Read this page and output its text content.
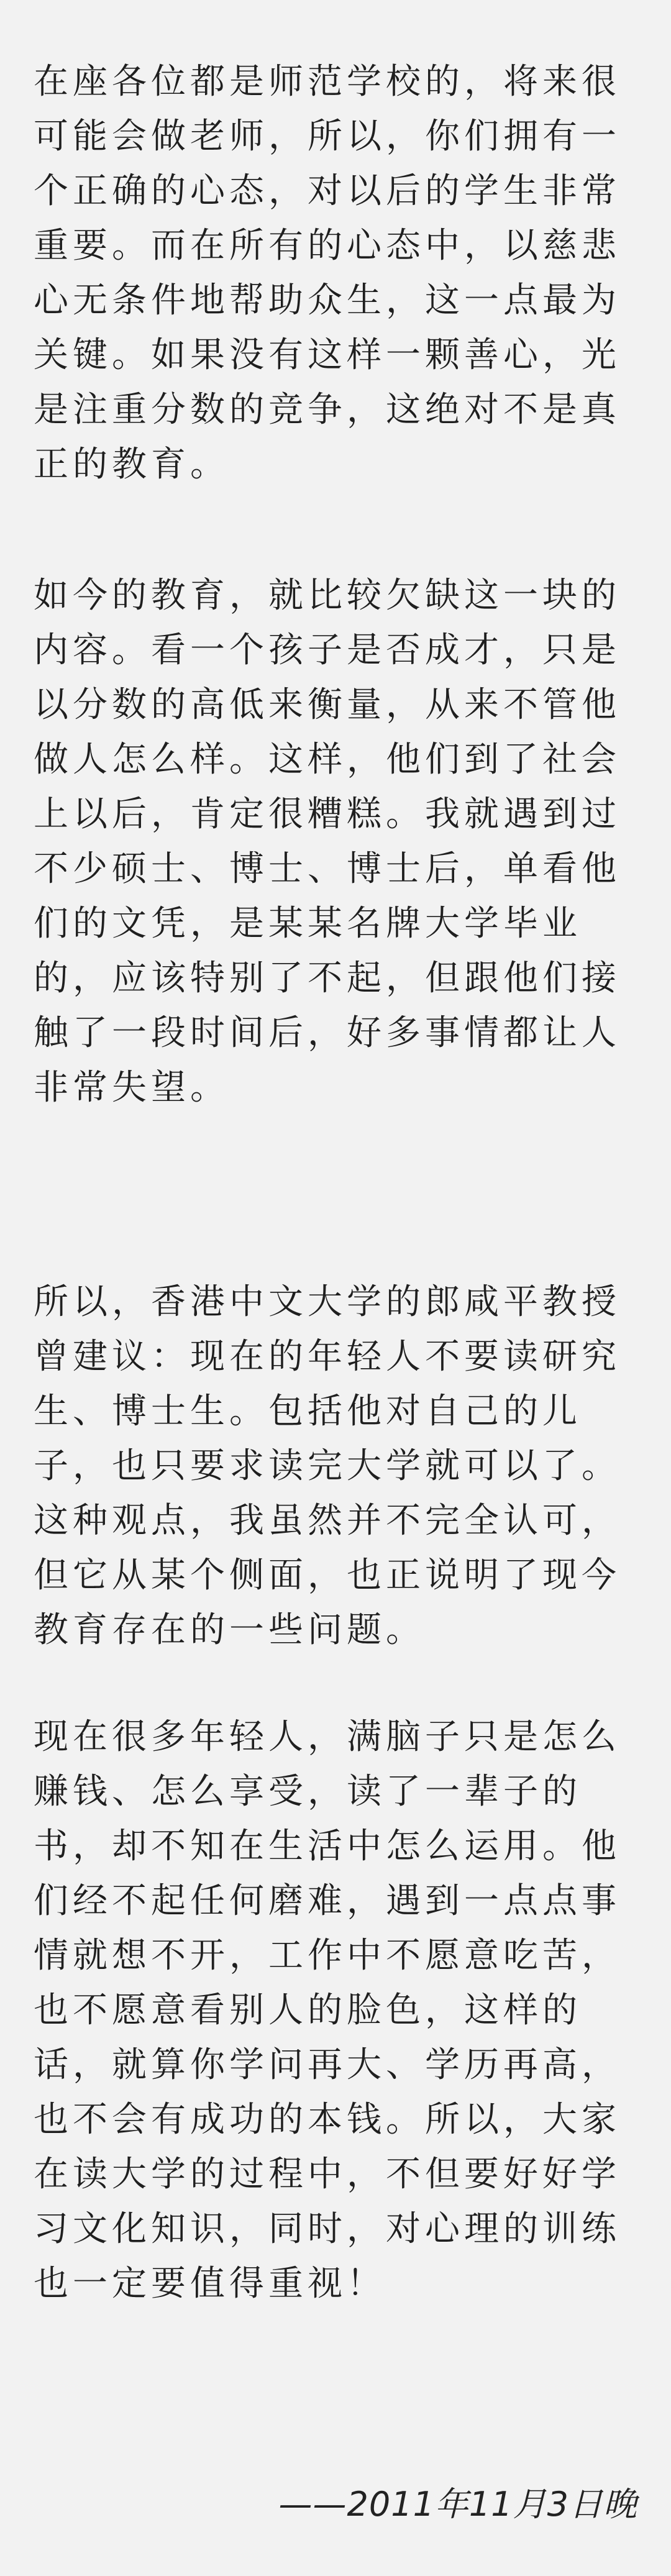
在座各位都是师范学校的，将来很
可能会做老师，所以，你们拥有一
个正确的心态，对以后的学生非常
重要。而在所有的心态中，以慈悲
心无条件地帮助众生，这一点最为
关键。如果没有这样一颗善心，光
是注重分数的竞争，这绝对不是真
正的教育。

如今的教育，就比较欠缺这一块的
内容。看一个孩子是否成才，只是
以分数的高低来衡量，从来不管他
做人怎么样。这样，他们到了社会
上以后，肯定很糟糕。我就遇到过
不少硕士、博士、博士后，单看他
们的文凭，是某某名牌大学毕业
的，应该特别了不起，但跟他们接
触了一段时间后，好多事情都让人
非常失望。

所以，香港中文大学的郎咸平教授
曾建议：现在的年轻人不要读研究
生、博士生。包括他对自己的儿
子，也只要求读完大学就可以了。
这种观点，我虽然并不完全认可，
但它从某个侧面，也正说明了现今
教育存在的一些问题。

现在很多年轻人，满脑子只是怎么
赚钱、怎么享受，读了一辈子的
书，却不知在生活中怎么运用。他
们经不起任何磨难，遇到一点点事
情就想不开，工作中不愿意吃苦，
也不愿意看别人的脸色，这样的
话，就算你学问再大、学历再高，
也不会有成功的本钱。所以，大家
在读大学的过程中，不但要好好学
习文化知识，同时，对心理的训练
也一定要值得重视！

——2011年11月3日晚
